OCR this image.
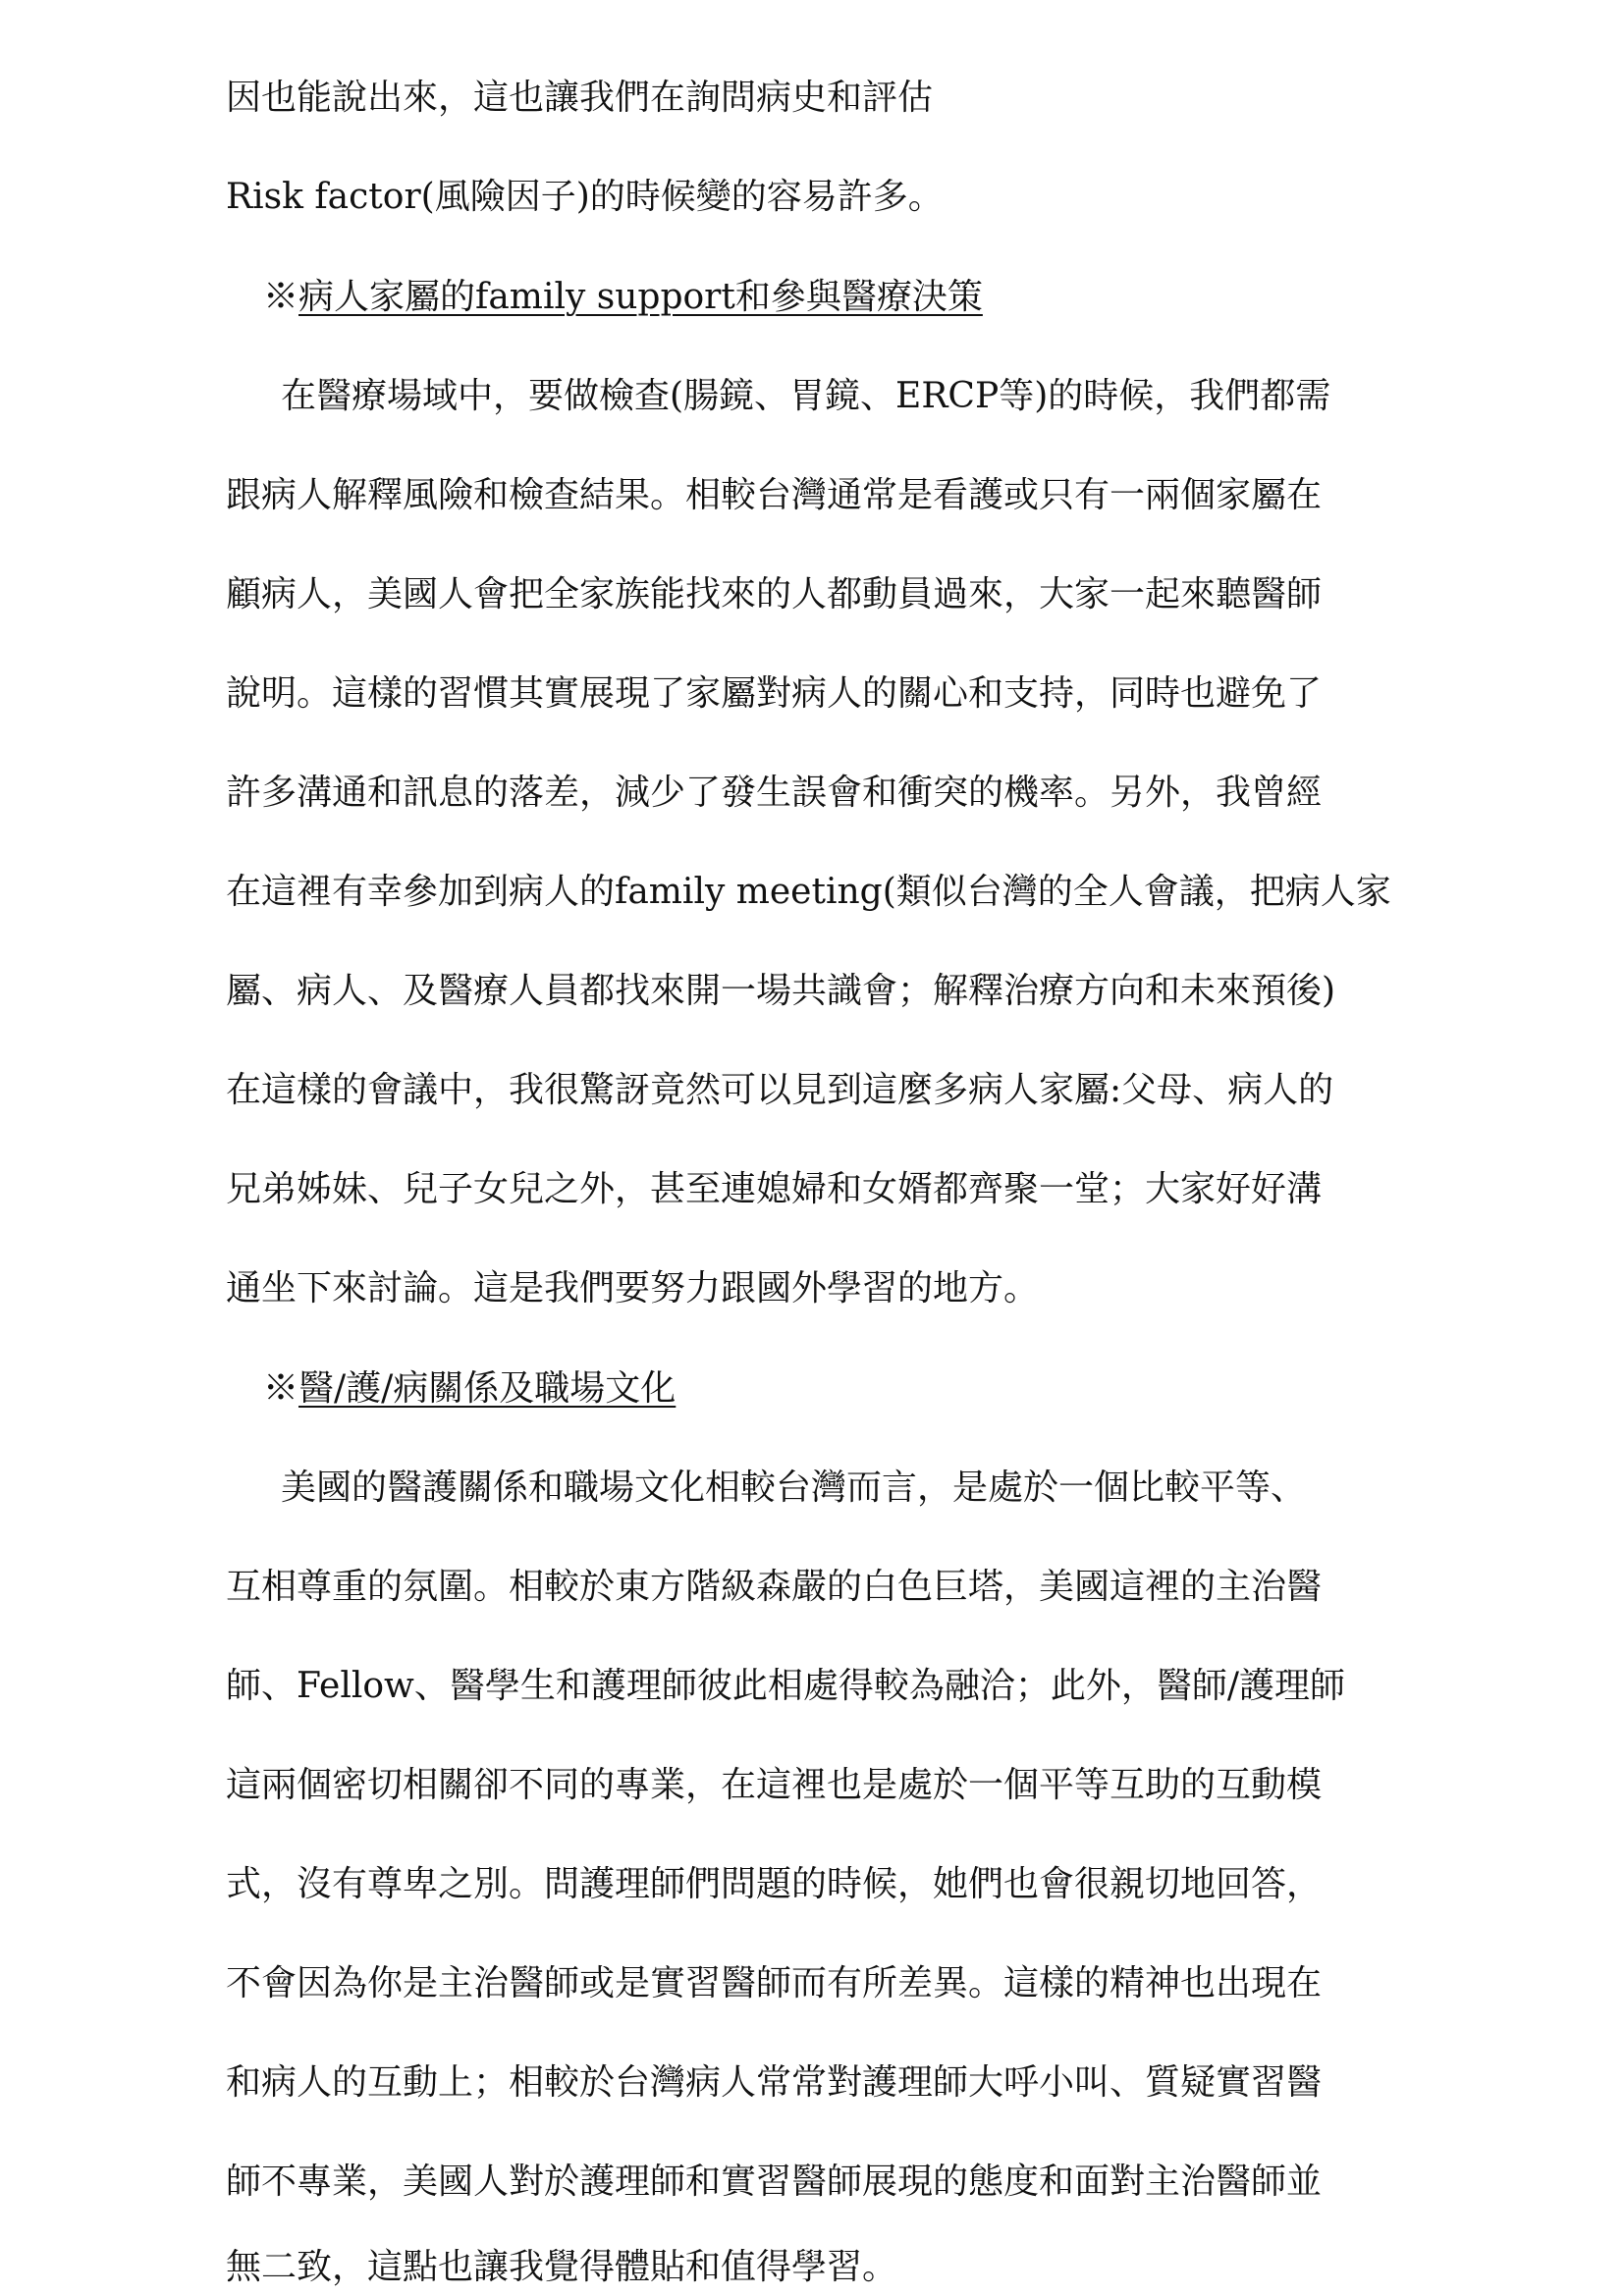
因也能說出來，這也讓我們在詢問病史和評估
Risk factor(風險因子)的時候變的容易許多。
※病人家屬的family support和參與醫療決策
在醫療場域中，要做檢查(腸鏡、胃鏡、ERCP等)的時候，我們都需
跟病人解釋風險和檢查結果。相較台灣通常是看護或只有一兩個家屬在
顧病人，美國人會把全家族能找來的人都動員過來，大家一起來聽醫師
說明。這樣的習慣其實展現了家屬對病人的關心和支持，同時也避免了
許多溝通和訊息的落差，減少了發生誤會和衝突的機率。另外，我曾經
在這裡有幸參加到病人的family meeting(類似台灣的全人會議，把病人家
屬、病人、及醫療人員都找來開一場共識會；解釋治療方向和未來預後)
在這樣的會議中，我很驚訝竟然可以見到這麼多病人家屬:父母、病人的
兄弟姊妹、兒子女兒之外，甚至連媳婦和女婿都齊聚一堂；大家好好溝
通坐下來討論。這是我們要努力跟國外學習的地方。
※醫/護/病關係及職場文化
美國的醫護關係和職場文化相較台灣而言，是處於一個比較平等、
互相尊重的氛圍。相較於東方階級森嚴的白色巨塔，美國這裡的主治醫
師、Fellow、醫學生和護理師彼此相處得較為融洽；此外，醫師/護理師
這兩個密切相關卻不同的專業，在這裡也是處於一個平等互助的互動模
式，沒有尊卑之別。問護理師們問題的時候，她們也會很親切地回答，
不會因為你是主治醫師或是實習醫師而有所差異。這樣的精神也出現在
和病人的互動上；相較於台灣病人常常對護理師大呼小叫、質疑實習醫
師不專業，美國人對於護理師和實習醫師展現的態度和面對主治醫師並
無二致，這點也讓我覺得體貼和值得學習。
